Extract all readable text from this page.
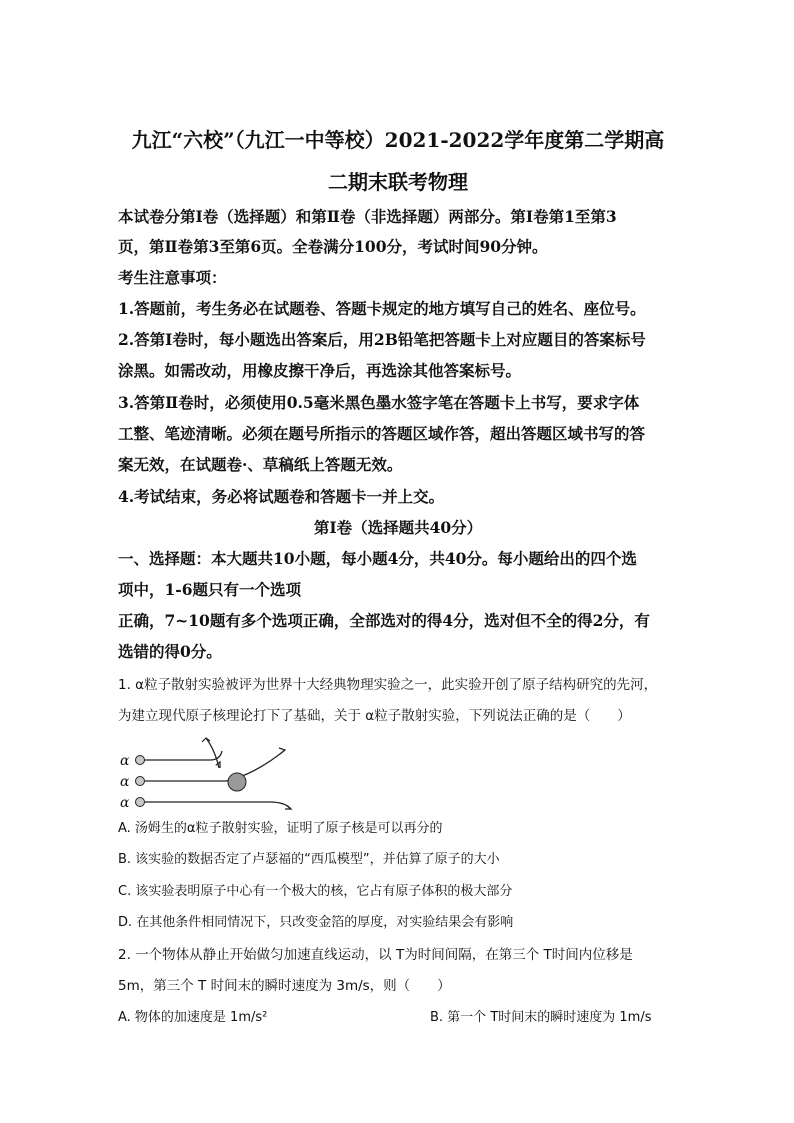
九江“六校”（九江一中等校）2021-2022学年度第二学期高
二期末联考物理
本试卷分第Ⅰ卷（选择题）和第Ⅱ卷（非选择题）两部分。第Ⅰ卷第1至第3
页，第Ⅱ卷第3至第6页。全卷满分100分，考试时间90分钟。
考生注意事项：
1.答题前，考生务必在试题卷、答题卡规定的地方填写自己的姓名、座位号。
2.答第Ⅰ卷时，每小题选出答案后，用2B铅笔把答题卡上对应题目的答案标号
涂黑。如需改动，用橡皮擦干净后，再选涂其他答案标号。
3.答第Ⅱ卷时，必须使用0.5毫米黑色墨水签字笔在答题卡上书写，要求字体
工整、笔迹清晰。必须在题号所指示的答题区域作答，超出答题区域书写的答
案无效，在试题卷·、草稿纸上答题无效。
4.考试结束，务必将试题卷和答题卡一并上交。
第Ⅰ卷（选择题共40分）
一、选择题：本大题共10小题，每小题4分，共40分。每小题给出的四个选
项中，1-6题只有一个选项
正确，7~10题有多个选项正确，全部选对的得4分，选对但不全的得2分，有
选错的得0分。
1. α粒子散射实验被评为世界十大经典物理实验之一，此实验开创了原子结构研究的先河，
为建立现代原子核理论打下了基础，关于 α粒子散射实验，下列说法正确的是（　　）
α
α
α
A. 汤姆生的α粒子散射实验，证明了原子核是可以再分的
B. 该实验的数据否定了卢瑟福的“西瓜模型”，并估算了原子的大小
C. 该实验表明原子中心有一个极大的核，它占有原子体积的极大部分
D. 在其他条件相同情况下，只改变金箔的厚度，对实验结果会有影响
2. 一个物体从静止开始做匀加速直线运动，以 T为时间间隔，在第三个 T时间内位移是
5m，第三个 T 时间末的瞬时速度为 3m/s，则（　　）
A. 物体的加速度是 1m/s²	B. 第一个 T时间末的瞬时速度为 1m/s
